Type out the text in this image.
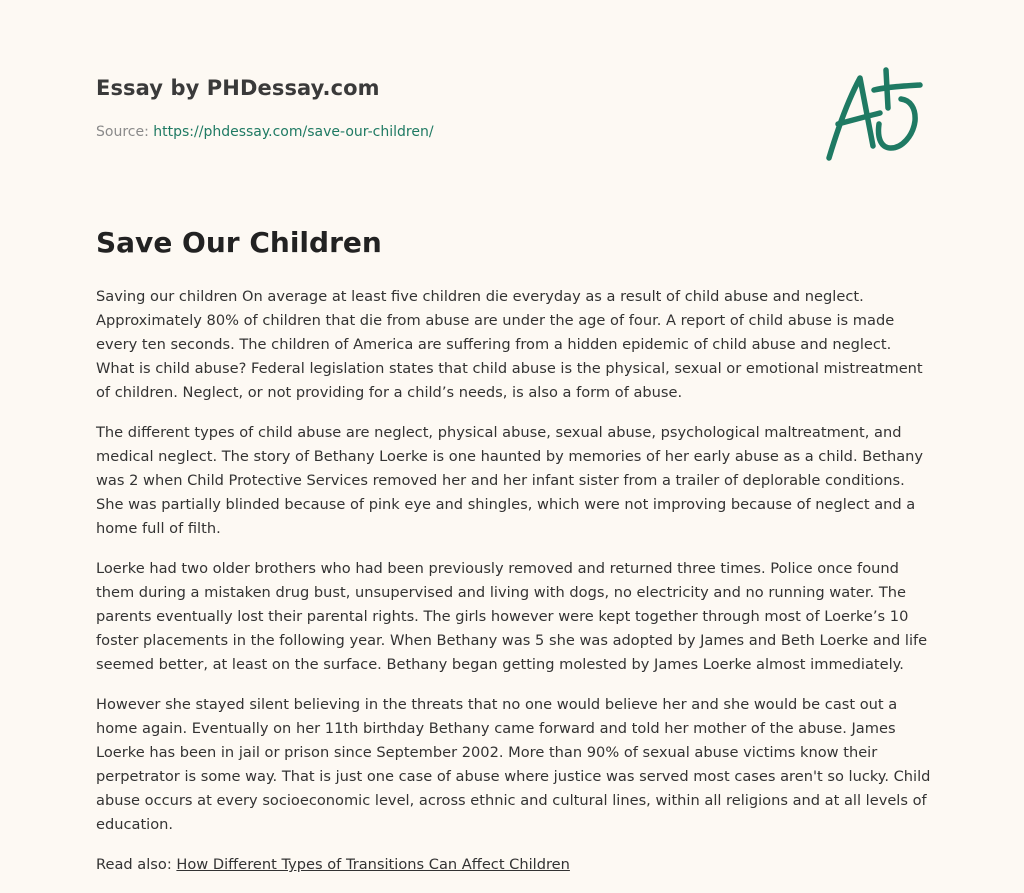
Essay by PHDessay.com
Source: https://phdessay.com/save-our-children/
Save Our Children

Saving our children On average at least five children die everyday as a result of child abuse and neglect. Approximately 80% of children that die from abuse are under the age of four. A report of child abuse is made every ten seconds. The children of America are suffering from a hidden epidemic of child abuse and neglect. What is child abuse? Federal legislation states that child abuse is the physical, sexual or emotional mistreatment of children. Neglect, or not providing for a child’s needs, is also a form of abuse.

The different types of child abuse are neglect, physical abuse, sexual abuse, psychological maltreatment, and medical neglect. The story of Bethany Loerke is one haunted by memories of her early abuse as a child. Bethany was 2 when Child Protective Services removed her and her infant sister from a trailer of deplorable conditions. She was partially blinded because of pink eye and shingles, which were not improving because of neglect and a home full of filth.

Loerke had two older brothers who had been previously removed and returned three times. Police once found them during a mistaken drug bust, unsupervised and living with dogs, no electricity and no running water. The parents eventually lost their parental rights. The girls however were kept together through most of Loerke’s 10 foster placements in the following year. When Bethany was 5 she was adopted by James and Beth Loerke and life seemed better, at least on the surface. Bethany began getting molested by James Loerke almost immediately.

However she stayed silent believing in the threats that no one would believe her and she would be cast out a home again. Eventually on her 11th birthday Bethany came forward and told her mother of the abuse. James Loerke has been in jail or prison since September 2002. More than 90% of sexual abuse victims know their perpetrator is some way. That is just one case of abuse where justice was served most cases aren't so lucky. Child abuse occurs at every socioeconomic level, across ethnic and cultural lines, within all religions and at all levels of education.

Read also: How Different Types of Transitions Can Affect Children
